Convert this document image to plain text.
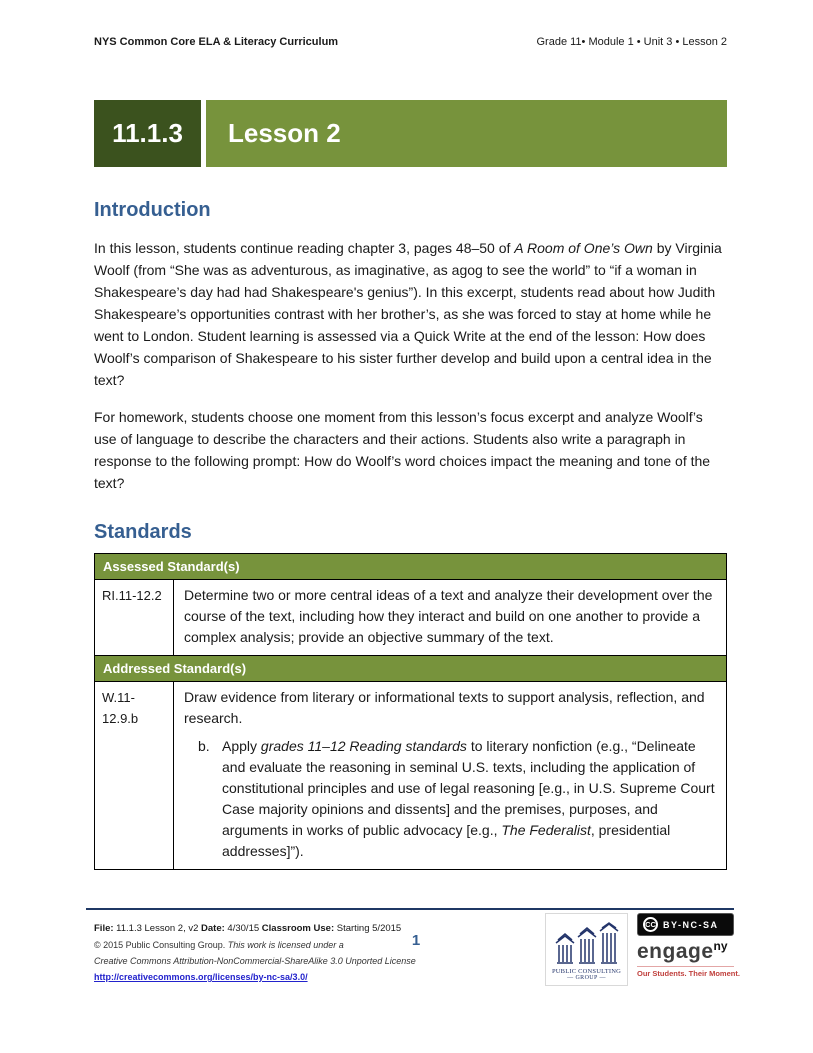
NYS Common Core ELA & Literacy Curriculum	Grade 11• Module 1 • Unit 3 • Lesson 2
11.1.3	Lesson 2
Introduction

In this lesson, students continue reading chapter 3, pages 48–50 of A Room of One’s Own by Virginia Woolf (from “She was as adventurous, as imaginative, as agog to see the world” to “if a woman in Shakespeare’s day had had Shakespeare's genius”). In this excerpt, students read about how Judith Shakespeare’s opportunities contrast with her brother’s, as she was forced to stay at home while he went to London. Student learning is assessed via a Quick Write at the end of the lesson: How does Woolf’s comparison of Shakespeare to his sister further develop and build upon a central idea in the text?

For homework, students choose one moment from this lesson’s focus excerpt and analyze Woolf’s use of language to describe the characters and their actions. Students also write a paragraph in response to the following prompt: How do Woolf’s word choices impact the meaning and tone of the text?

Standards
Assessed Standard(s)	
RI.11-12.2	Determine two or more central ideas of a text and analyze their development over the course of the text, including how they interact and build on one another to provide a complex analysis; provide an objective summary of the text.
Addressed Standard(s)	
W.11-12.9.b	Draw evidence from literary or informational texts to support analysis, reflection, and research.
b. Apply grades 11–12 Reading standards to literary nonfiction (e.g., “Delineate and evaluate the reasoning in seminal U.S. texts, including the application of constitutional principles and use of legal reasoning [e.g., in U.S. Supreme Court Case majority opinions and dissents] and the premises, purposes, and arguments in works of public advocacy [e.g., The Federalist, presidential addresses]”).
File: 11.1.3 Lesson 2, v2 Date: 4/30/15 Classroom Use: Starting 5/2015
© 2015 Public Consulting Group. This work is licensed under a
Creative Commons Attribution-NonCommercial-ShareAlike 3.0 Unported License
http://creativecommons.org/licenses/by-nc-sa/3.0/
1
PUBLIC CONSULTING
— GROUP —
CC BY-NC-SA
engage$^{ny}$
Our Students. Their Moment.
